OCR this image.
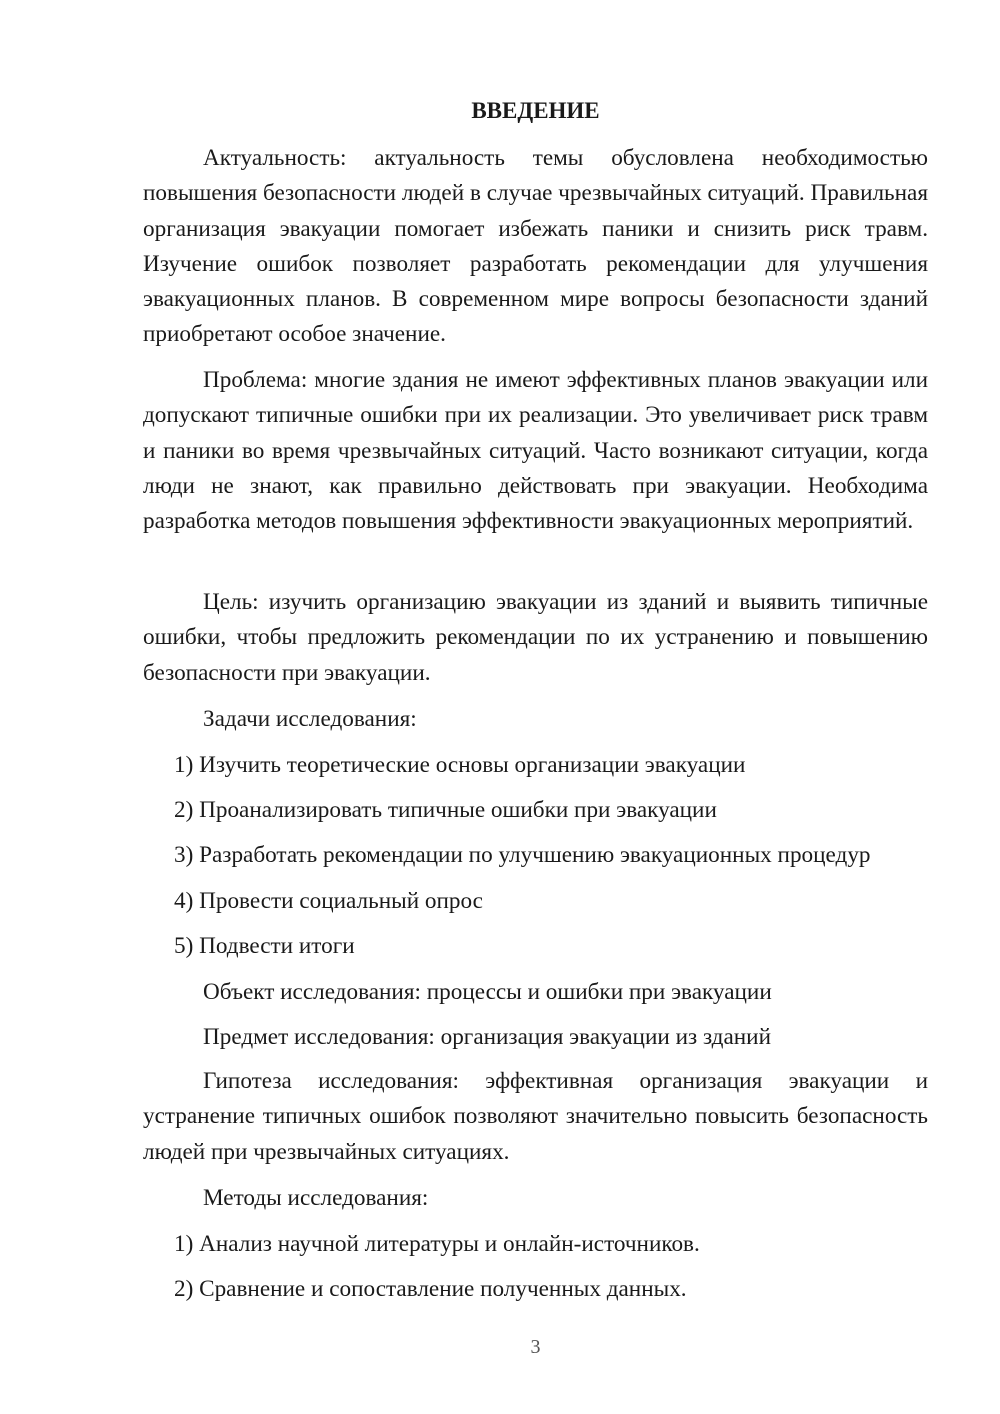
ВВЕДЕНИЕ

Актуальность: актуальность темы обусловлена необходимостью повышения безопасности людей в случае чрезвычайных ситуаций. Правильная организация эвакуации помогает избежать паники и снизить риск травм. Изучение ошибок позволяет разработать рекомендации для улучшения эвакуационных планов. В современном мире вопросы безопасности зданий приобретают особое значение.

Проблема: многие здания не имеют эффективных планов эвакуации или допускают типичные ошибки при их реализации. Это увеличивает риск травм и паники во время чрезвычайных ситуаций. Часто возникают ситуации, когда люди не знают, как правильно действовать при эвакуации. Необходима разработка методов повышения эффективности эвакуационных мероприятий.

Цель: изучить организацию эвакуации из зданий и выявить типичные ошибки, чтобы предложить рекомендации по их устранению и повышению безопасности при эвакуации.

Задачи исследования:

1) Изучить теоретические основы организации эвакуации

2) Проанализировать типичные ошибки при эвакуации

3) Разработать рекомендации по улучшению эвакуационных процедур

4) Провести социальный опрос

5) Подвести итоги

Объект исследования: процессы и ошибки при эвакуации

Предмет исследования: организация эвакуации из зданий

Гипотеза исследования: эффективная организация эвакуации и устранение типичных ошибок позволяют значительно повысить безопасность людей при чрезвычайных ситуациях.

Методы исследования:

1) Анализ научной литературы и онлайн-источников.

2) Сравнение и сопоставление полученных данных.

3
